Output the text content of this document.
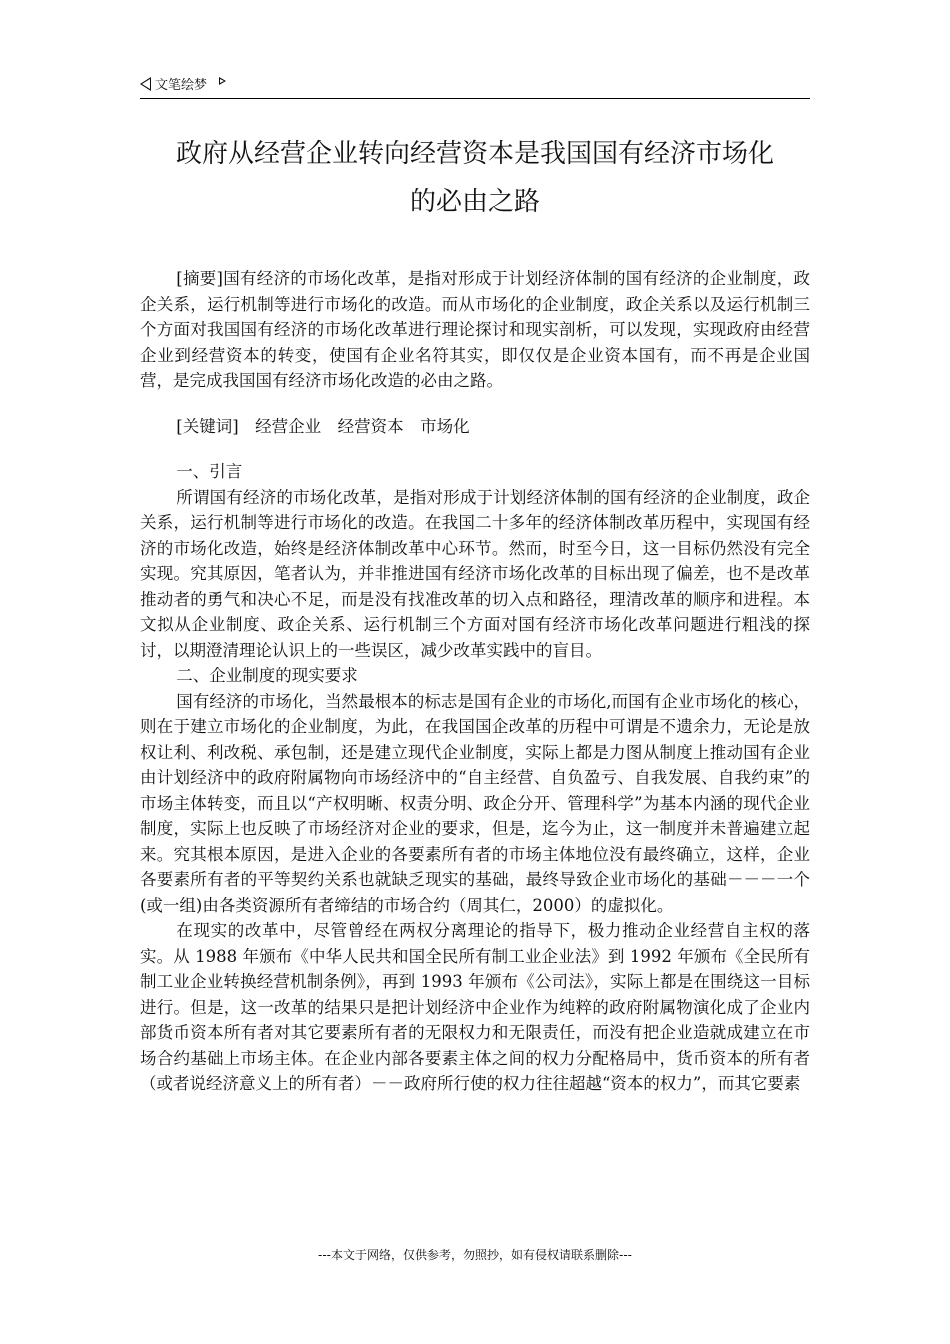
文笔绘梦
政府从经营企业转向经营资本是我国国有经济市场化
的必由之路

[摘要]国有经济的市场化改革，是指对形成于计划经济体制的国有经济的企业制度，政企关系，运行机制等进行市场化的改造。而从市场化的企业制度，政企关系以及运行机制三个方面对我国国有经济的市场化改革进行理论探讨和现实剖析，可以发现，实现政府由经营企业到经营资本的转变，使国有企业名符其实，即仅仅是企业资本国有，而不再是企业国营，是完成我国国有经济市场化改造的必由之路。

[关键词]　经营企业　经营资本　市场化

一、引言

所谓国有经济的市场化改革，是指对形成于计划经济体制的国有经济的企业制度，政企关系，运行机制等进行市场化的改造。在我国二十多年的经济体制改革历程中，实现国有经济的市场化改造，始终是经济体制改革中心环节。然而，时至今日，这一目标仍然没有完全实现。究其原因，笔者认为，并非推进国有经济市场化改革的目标出现了偏差，也不是改革推动者的勇气和决心不足，而是没有找准改革的切入点和路径，理清改革的顺序和进程。本文拟从企业制度、政企关系、运行机制三个方面对国有经济市场化改革问题进行粗浅的探讨，以期澄清理论认识上的一些误区，减少改革实践中的盲目。

二、企业制度的现实要求

国有经济的市场化，当然最根本的标志是国有企业的市场化,而国有企业市场化的核心，则在于建立市场化的企业制度，为此，在我国国企改革的历程中可谓是不遗余力，无论是放权让利、利改税、承包制，还是建立现代企业制度，实际上都是力图从制度上推动国有企业由计划经济中的政府附属物向市场经济中的“自主经营、自负盈亏、自我发展、自我约束”的市场主体转变，而且以“产权明晰、权责分明、政企分开、管理科学”为基本内涵的现代企业制度，实际上也反映了市场经济对企业的要求，但是，迄今为止，这一制度并未普遍建立起来。究其根本原因，是进入企业的各要素所有者的市场主体地位没有最终确立，这样，企业各要素所有者的平等契约关系也就缺乏现实的基础，最终导致企业市场化的基础－－－一个(或一组)由各类资源所有者缔结的市场合约（周其仁，2000）的虚拟化。

在现实的改革中，尽管曾经在两权分离理论的指导下，极力推动企业经营自主权的落实。从 1988 年颁布《中华人民共和国全民所有制工业企业法》到 1992 年颁布《全民所有制工业企业转换经营机制条例》，再到 1993 年颁布《公司法》，实际上都是在围绕这一目标进行。但是，这一改革的结果只是把计划经济中企业作为纯粹的政府附属物演化成了企业内部货币资本所有者对其它要素所有者的无限权力和无限责任，而没有把企业造就成建立在市场合约基础上市场主体。在企业内部各要素主体之间的权力分配格局中，货币资本的所有者（或者说经济意义上的所有者）－－政府所行使的权力往往超越“资本的权力”，而其它要素

---本文于网络，仅供参考，勿照抄，如有侵权请联系删除---
